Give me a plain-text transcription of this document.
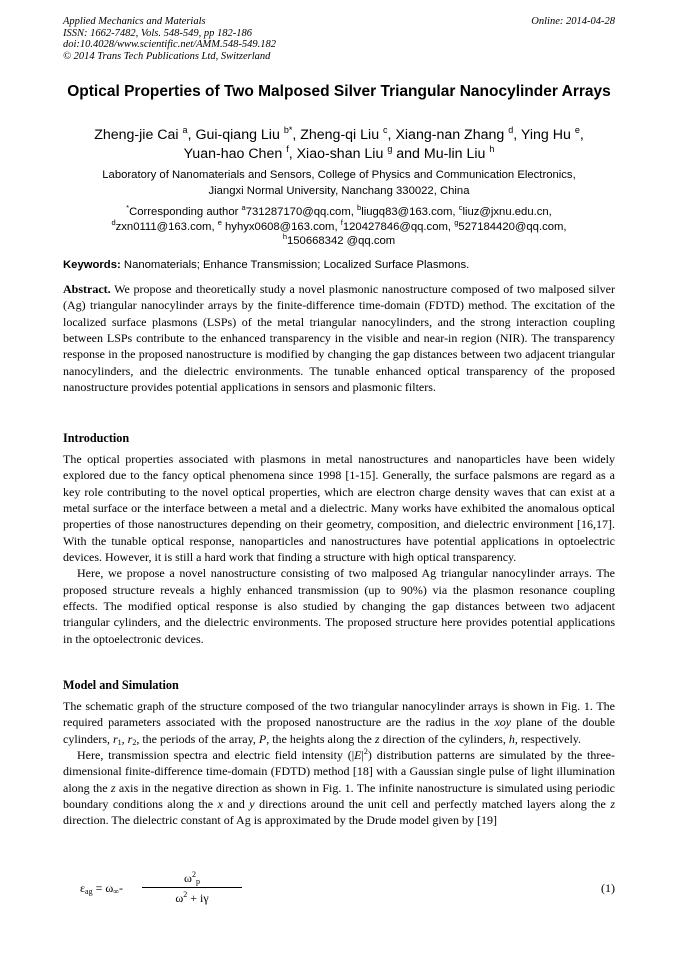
Applied Mechanics and Materials
ISSN: 1662-7482, Vols. 548-549, pp 182-186
doi:10.4028/www.scientific.net/AMM.548-549.182
© 2014 Trans Tech Publications Ltd, Switzerland
Online: 2014-04-28
Optical Properties of Two Malposed Silver Triangular Nanocylinder Arrays
Zheng-jie Cai $^a$, Gui-qiang Liu $^{b*}$, Zheng-qi Liu $^c$, Xiang-nan Zhang $^d$, Ying Hu $^e$,
Yuan-hao Chen $^f$, Xiao-shan Liu $^g$ and Mu-lin Liu $^h$
Laboratory of Nanomaterials and Sensors, College of Physics and Communication Electronics,
Jiangxi Normal University, Nanchang 330022, China
*Corresponding author $^a$731287170@qq.com, $^b$liugq83@163.com, $^c$liuz@jxnu.edu.cn,
$^d$zxn0111@163.com, $^e$ hyhyx0608@163.com, $^f$120427846@qq.com, $^g$527184420@qq.com,
$^h$150668342 @qq.com
Keywords: Nanomaterials; Enhance Transmission; Localized Surface Plasmons.
Abstract. We propose and theoretically study a novel plasmonic nanostructure composed of two malposed silver (Ag) triangular nanocylinder arrays by the finite-difference time-domain (FDTD) method. The excitation of the localized surface plasmons (LSPs) of the metal triangular nanocylinders, and the strong interaction coupling between LSPs contribute to the enhanced transparency in the visible and near-in region (NIR). The transparency response in the proposed nanostructure is modified by changing the gap distances between two adjacent triangular nanocylinders, and the dielectric environments. The tunable enhanced optical transparency of the proposed nanostructure provides potential applications in sensors and plasmonic filters.
Introduction

The optical properties associated with plasmons in metal nanostructures and nanoparticles have been widely explored due to the fancy optical phenomena since 1998 [1-15]. Generally, the surface palsmons are regard as a key role contributing to the novel optical properties, which are electron charge density waves that can exist at a metal surface or the interface between a metal and a dielectric. Many works have exhibited the anomalous optical properties of those nanostructures depending on their geometry, composition, and dielectric environment [16,17]. With the tunable optical response, nanoparticles and nanostructures have potential applications in optoelectric devices. However, it is still a hard work that finding a structure with high optical transparency.

Here, we propose a novel nanostructure consisting of two malposed Ag triangular nanocylinder arrays. The proposed structure reveals a highly enhanced transmission (up to 90%) via the plasmon resonance coupling effects. The modified optical response is also studied by changing the gap distances between two adjacent triangular cylinders, and the dielectric environments. The proposed structure here provides potential applications in the optoelectronic devices.

Model and Simulation

The schematic graph of the structure composed of the two triangular nanocylinder arrays is shown in Fig. 1. The required parameters associated with the proposed nanostructure are the radius in the xoy plane of the double cylinders, $r_1$, $r_2$, the periods of the array, P, the heights along the z direction of the cylinders, h, respectively.

Here, transmission spectra and electric field intensity $(|E|^2)$ distribution patterns are simulated by the three-dimensional finite-difference time-domain (FDTD) method [18] with a Gaussian single pulse of light illumination along the z axis in the negative direction as shown in Fig. 1. The infinite nanostructure is simulated using periodic boundary conditions along the x and y directions around the unit cell and perfectly matched layers along the z direction. The dielectric constant of Ag is approximated by the Drude model given by [19]

$\varepsilon_{ag} = \omega_\infty-$
$\omega^2_p$
$\omega^2 + i\gamma$
(1)
